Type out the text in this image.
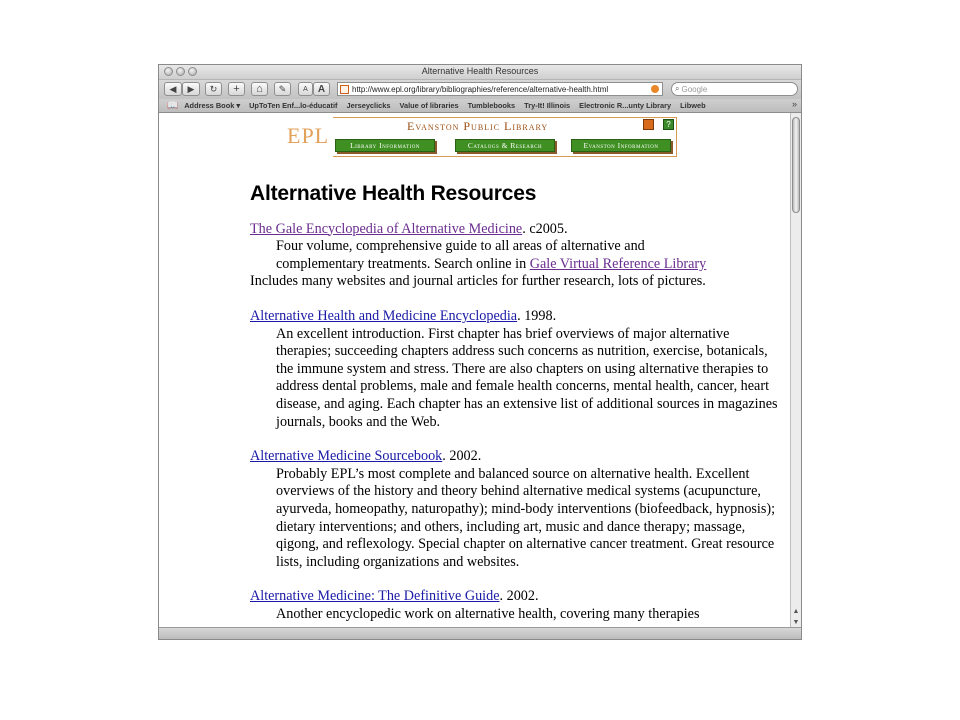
Alternative Health Resources
◀ ▶ ↻ + ⌂ ✎ A A	http://www.epl.org/library/bibliographies/reference/alternative-health.html	⌕ Google
📖 Address Book ▾ UpToTen Enf...lo-éducatif Jerseyclicks Value of libraries Tumblebooks Try-It! Illinois Electronic R...unty Library Libweb	»
EPL	Evanston Public Library	?
Library Information	Catalogs & Research	Evanston Information
Alternative Health Resources
The Gale Encyclopedia of Alternative Medicine. c2005.
Four volume, comprehensive guide to all areas of alternative and
complementary treatments. Search online in Gale Virtual Reference Library
Includes many websites and journal articles for further research, lots of pictures.
Alternative Health and Medicine Encyclopedia. 1998.
An excellent introduction. First chapter has brief overviews of major alternative therapies; succeeding chapters address such concerns as nutrition, exercise, botanicals, the immune system and stress. There are also chapters on using alternative therapies to address dental problems, male and female health concerns, mental health, cancer, heart disease, and aging. Each chapter has an extensive list of additional sources in magazines journals, books and the Web.
Alternative Medicine Sourcebook. 2002.
Probably EPL’s most complete and balanced source on alternative health. Excellent overviews of the history and theory behind alternative medical systems (acupuncture, ayurveda, homeopathy, naturopathy); mind-body interventions (biofeedback, hypnosis); dietary interventions; and others, including art, music and dance therapy; massage, qigong, and reflexology. Special chapter on alternative cancer treatment. Great resource lists, including organizations and websites.
Alternative Medicine: The Definitive Guide. 2002.
Another encyclopedic work on alternative health, covering many therapies	▲
▼
